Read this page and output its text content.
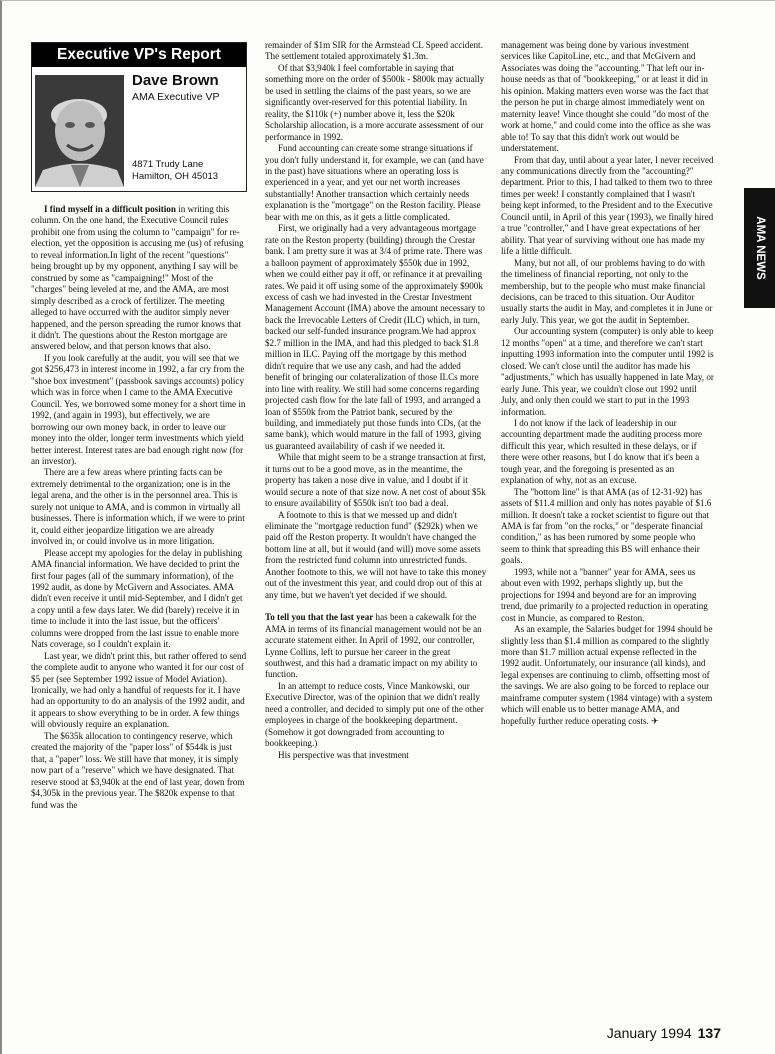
Executive VP's Report
Dave Brown
AMA Executive VP
4871 Trudy Lane
Hamilton, OH 45013

I find myself in a difficult position in writing this column. On the one hand, the Executive Council rules prohibit one from using the column to "campaign" for re-election, yet the opposition is accusing me (us) of refusing to reveal information.In light of the recent "questions" being brought up by my opponent, anything I say will be construed by some as "campaigning!" Most of the "charges" being leveled at me, and the AMA, are most simply described as a crock of fertilizer. The meeting alleged to have occurred with the auditor simply never happened, and the person spreading the rumor knows that it didn't. The questions about the Reston mortgage are answered below, and that person knows that also.

If you look carefully at the audit, you will see that we got $256,473 in interest income in 1992, a far cry from the "shoe box investment" (passbook savings accounts) policy which was in force when I came to the AMA Executive Council. Yes, we borrowed some money for a short time in 1992, (and again in 1993), but effectively, we are borrowing our own money back, in order to leave our money into the older, longer term investments which yield better interest. Interest rates are bad enough right now (for an investor).

There are a few areas where printing facts can be extremely detrimental to the organization; one is in the legal arena, and the other is in the personnel area. This is surely not unique to AMA, and is common in virtually all businesses. There is information which, if we were to print it, could either jeopardize litigation we are already involved in, or could involve us in more litigation.

Please accept my apologies for the delay in publishing AMA financial information. We have decided to print the first four pages (all of the summary information), of the 1992 audit, as done by McGivern and Associates. AMA didn't even receive it until mid-September, and I didn't get a copy until a few days later. We did (barely) receive it in time to include it into the last issue, but the officers' columns were dropped from the last issue to enable more Nats coverage, so I couldn't explain it.

Last year, we didn't print this, but rather offered to send the complete audit to anyone who wanted it for our cost of $5 per (see September 1992 issue of Model Aviation). Ironically, we had only a handful of requests for it. I have had an opportunity to do an analysis of the 1992 audit, and it appears to show everything to be in order. A few things will obviously require an explanation.

The $635k allocation to contingency reserve, which created the majority of the "paper loss" of $544k is just that, a "paper" loss. We still have that money, it is simply now part of a "reserve" which we have designated. That reserve stood at $3,940k at the end of last year, down from $4,305k in the previous year. The $820k expense to that fund was the

remainder of $1m SIR for the Armstead CL Speed accident. The settlement totaled approximately $1.3m.

Of that $3,940k I feel comfortable in saying that something more on the order of $500k - $800k may actually be used in settling the claims of the past years, so we are significantly over-reserved for this potential liability. In reality, the $110k (+) number above it, less the $20k Scholarship allocation, is a more accurate assessment of our performance in 1992.

Fund accounting can create some strange situations if you don't fully understand it, for example, we can (and have in the past) have situations where an operating loss is experienced in a year, and yet our net worth increases substantially! Another transaction which certainly needs explanation is the "mortgage" on the Reston facility. Please bear with me on this, as it gets a little complicated.

First, we originally had a very advantageous mortgage rate on the Reston property (building) through the Crestar bank. I am pretty sure it was at 3/4 of prime rate. There was a balloon payment of approximately $550k due in 1992, when we could either pay it off, or refinance it at prevailing rates. We paid it off using some of the approximately $900k excess of cash we had invested in the Crestar Investment Management Account (IMA) above the amount necessary to back the Irrevocable Letters of Credit (ILC) which, in turn, backed our self-funded insurance program.We had approx $2.7 million in the IMA, and had this pledged to back $1.8 million in ILC. Paying off the mortgage by this method didn't require that we use any cash, and had the added benefit of bringing our colateralization of those ILCs more into line with reality. We still had some concerns regarding projected cash flow for the late fall of 1993, and arranged a loan of $550k from the Patriot bank, secured by the building, and immediately put those funds into CDs, (at the same bank), which would mature in the fall of 1993, giving us guaranteed availability of cash if we needed it.

While that might seem to be a strange transaction at first, it turns out to be a good move, as in the meantime, the property has taken a nose dive in value, and I doubt if it would secure a note of that size now. A net cost of about $5k to ensure availability of $550k isn't too bad a deal.

A footnote to this is that we messed up and didn't eliminate the "mortgage reduction fund" ($292k) when we paid off the Reston property. It wouldn't have changed the bottom line at all, but it would (and will) move some assets from the restricted fund column into unrestricted funds. Another footnote to this, we will not have to take this money out of the investment this year, and could drop out of this at any time, but we haven't yet decided if we should.

To tell you that the last year has been a cakewalk for the AMA in terms of its financial management would not be an accurate statement either. In April of 1992, our controller, Lynne Collins, left to pursue her career in the great southwest, and this had a dramatic impact on my ability to function.

In an attempt to reduce costs, Vince Mankowski, our Executive Director, was of the opinion that we didn't really need a controller, and decided to simply put one of the other employees in charge of the bookkeeping department. (Somehow it got downgraded from accounting to bookkeeping.)

His perspective was that investment

management was being done by various investment services like CapitoLine, etc., and that McGivern and Associates was doing the "accounting." That left our in-house needs as that of "bookkeeping," or at least it did in his opinion. Making matters even worse was the fact that the person he put in charge almost immediately went on maternity leave! Vince thought she could "do most of the work at home," and could come into the office as she was able to! To say that this didn't work out would be understatement.

From that day, until about a year later, I never received any communications directly from the "accounting?" department. Prior to this, I had talked to them two to three times per week! I constantly complained that I wasn't being kept informed, to the President and to the Executive Council until, in April of this year (1993), we finally hired a true "controller," and I have great expectations of her ability. That year of surviving without one has made my life a little difficult.

Many, but not all, of our problems having to do with the timeliness of financial reporting, not only to the membership, but to the people who must make financial decisions, can be traced to this situation. Our Auditor usually starts the audit in May, and completes it in June or early July. This year, we got the audit in September.

Our accounting system (computer) is only able to keep 12 months "open" at a time, and therefore we can't start inputting 1993 information into the computer until 1992 is closed. We can't close until the auditor has made his "adjustments," which has usually happened in late May, or early June. This year, we couldn't close out 1992 until July, and only then could we start to put in the 1993 information.

I do not know if the lack of leadership in our accounting department made the auditing process more difficult this year, which resulted in these delays, or if there were other reasons, but I do know that it's been a tough year, and the foregoing is presented as an explanation of why, not as an excuse.

The "bottom line" is that AMA (as of 12-31-92) has assets of $11.4 million and only has notes payable of $1.6 million. It doesn't take a rocket scientist to figure out that AMA is far from "on the rocks," or "desperate financial condition," as has been rumored by some people who seem to think that spreading this BS will enhance their goals.

1993, while not a "banner" year for AMA, sees us about even with 1992, perhaps slightly up, but the projections for 1994 and beyond are for an improving trend, due primarily to a projected reduction in operating cost in Muncie, as compared to Reston.

As an example, the Salaries budget for 1994 should be slightly less than $1.4 million as compared to the slightly more than $1.7 million actual expense reflected in the 1992 audit. Unfortunately, our insurance (all kinds), and legal expenses are continuing to climb, offsetting most of the savings. We are also going to be forced to replace our mainframe computer system (1984 vintage) with a system which will enable us to better manage AMA, and hopefully further reduce operating costs. ✈

AMA NEWS
January 1994 137
